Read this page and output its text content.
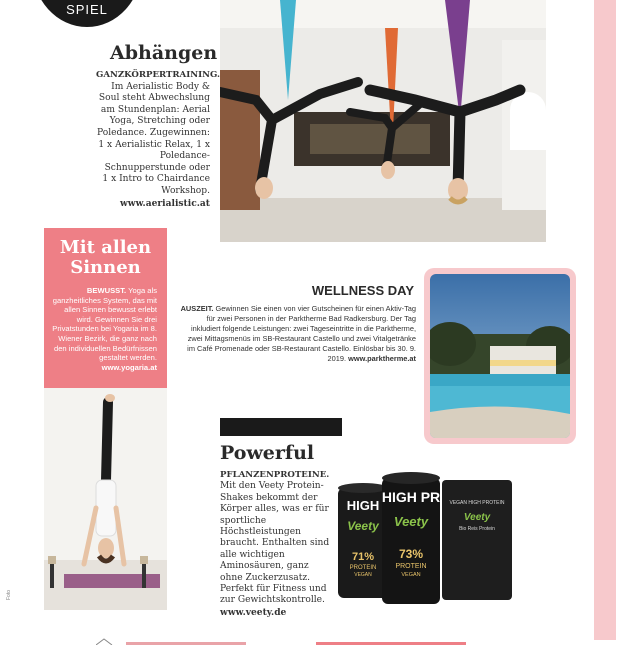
SPIEL
Abhängen
GANZKÖRPERTRAINING.
Im Aerialistic Body & Soul steht Abwechslung am Stundenplan: Aerial Yoga, Stretching oder Poledance. Zugewinnen: 1 x Aerialistic Relax, 1 x Poledance-Schnupperstunde oder 1 x Intro to Chairdance Workshop. www.aerialistic.at
Mit allen Sinnen
BEWUSST. Yoga als ganzheitliches System, das mit allen Sinnen bewusst erlebt wird. Gewinnen Sie drei Privatstunden bei Yogaria im 8. Wiener Bezirk, die ganz nach den individuellen Bedürfnissen gestaltet werden. www.yogaria.at
WELLNESS DAY
AUSZEIT. Gewinnen Sie einen von vier Gutscheinen für einen Aktiv-Tag für zwei Personen in der Parktherme Bad Radkersburg. Der Tag inkludiert folgende Leistungen: zwei Tageseintritte in die Parktherme, zwei Mittagsmenüs im SB-Restaurant Castello und zwei Vitalgetränke im Café Promenade oder SB-Restaurant Castello. Einlösbar bis 30. 9. 2019. www.parktherme.at
Powerful
PFLANZENPROTEINE.
Mit den Veety Protein-Shakes bekommt der Körper alles, was er für sportliche Höchstleistungen braucht. Enthalten sind alle wichtigen Aminosäuren, ganz ohne Zuckerzusatz. Perfekt für Fitness und zur Gewichtskontrolle. www.veety.de
VEGAN HIGH PROTEIN
Veety
Bio Reis Protein
HIGH
Veety
71%
PROTEIN
VEGAN
HIGH PR
Veety
73%
PROTEIN
VEGAN
Foto
